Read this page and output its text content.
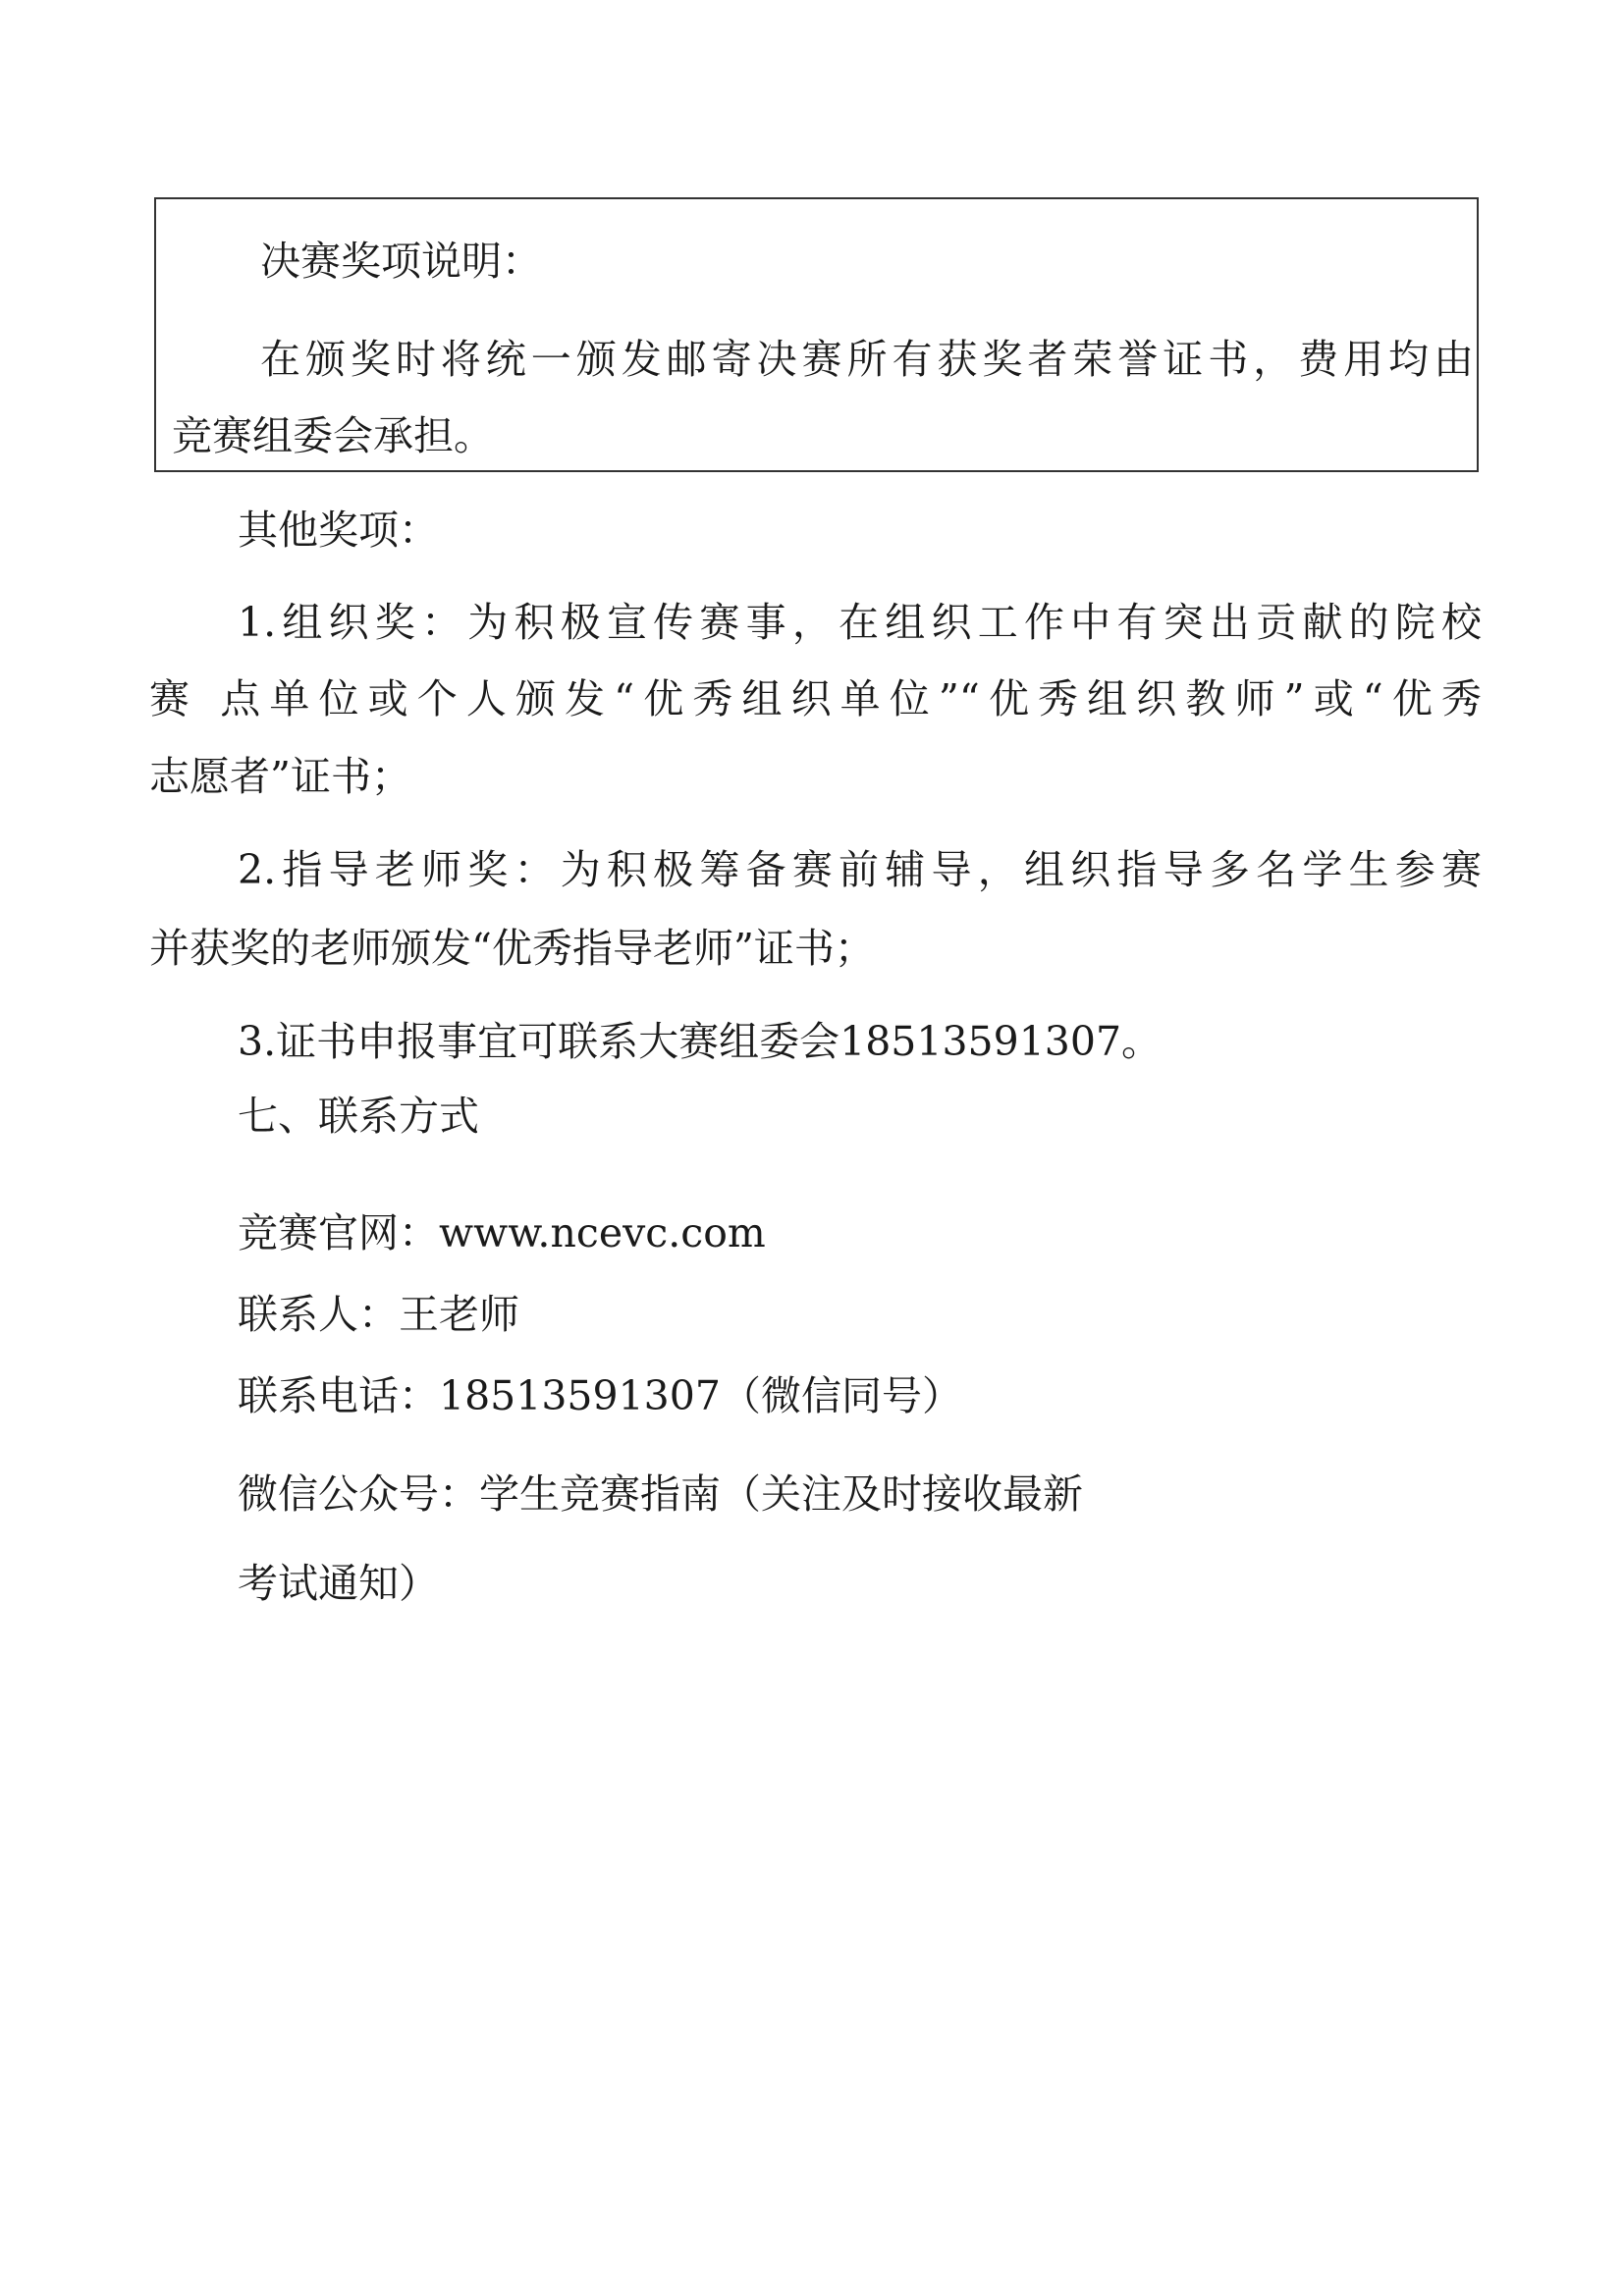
决赛奖项说明：
在颁奖时将统一颁发邮寄决赛所有获奖者荣誉证书，费用均由
竞赛组委会承担。
其他奖项：
1.组织奖：为积极宣传赛事，在组织工作中有突出贡献的院校
赛 点单位或个人颁发“优秀组织单位”“优秀组织教师”或“优秀
志愿者”证书；
2.指导老师奖：为积极筹备赛前辅导，组织指导多名学生参赛
并获奖的老师颁发“优秀指导老师”证书；
3.证书申报事宜可联系大赛组委会18513591307。
七、联系方式
竞赛官网：www.ncevc.com
联系人：王老师
联系电话：18513591307（微信同号）
微信公众号：学生竞赛指南（关注及时接收最新
考试通知）
